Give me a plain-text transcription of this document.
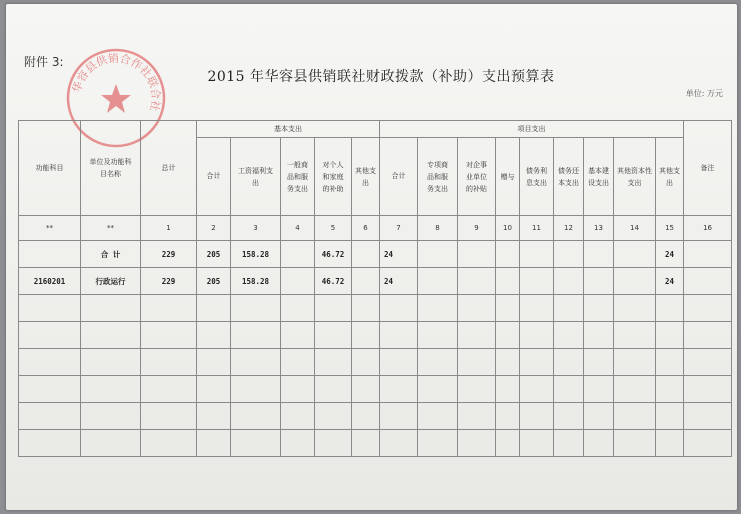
附件 3:
2015 年华容县供销联社财政拨款（补助）支出预算表
单位: 万元
华容县供销合作社联合社
功能科目	单位及功能科目名称	总计	基本支出					项目支出									备注
			合计	工资福利支出	一般商品和服务支出	对个人和家庭的补助	其他支出	合计	专项商品和服务支出	对企事业单位的补贴	赠与	债务利息支出	债务还本支出	基本建设支出	其他资本性支出	其他支出	
**	**	1	2	3	4	5	6	7	8	9	10	11	12	13	14	15	16
	合 计	229	205	158.28		46.72		24								24	
2160201	行政运行	229	205	158.28		46.72		24								24	
